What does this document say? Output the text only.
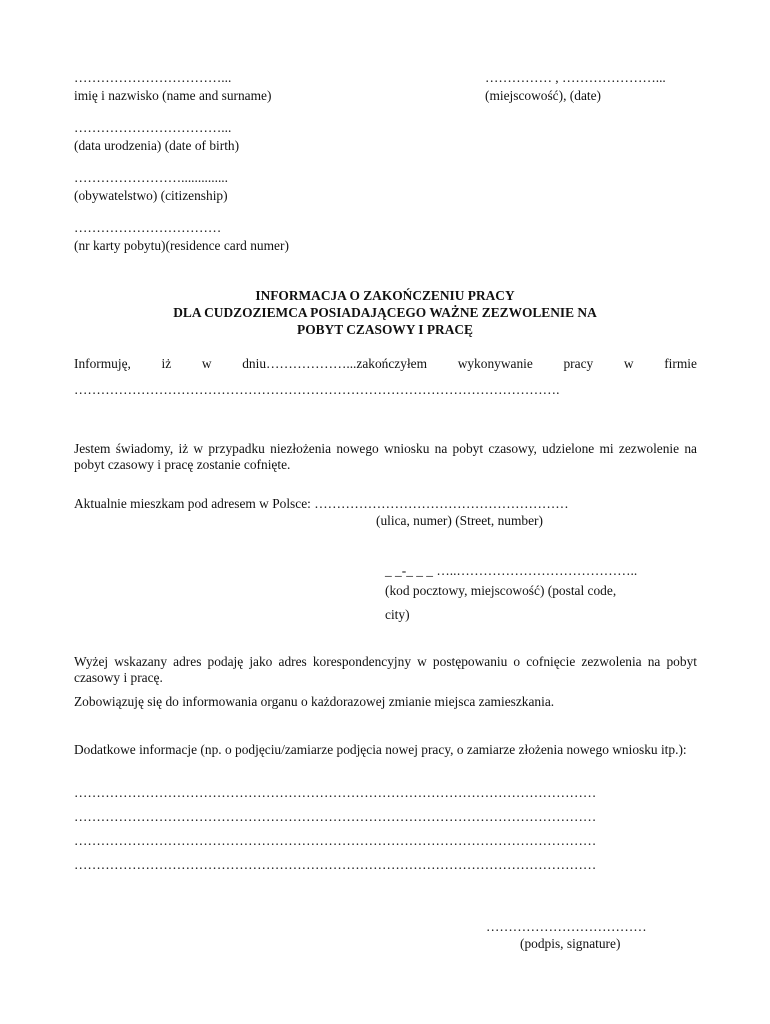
……………………………...
imię i nazwisko (name and surname)
…………… , …………………...
(miejscowość), (date)
……………………………...
(data urodzenia) (date of birth)
……………………..............
(obywatelstwo) (citizenship)
……………………………
(nr karty pobytu)(residence card numer)
INFORMACJA O ZAKOŃCZENIU PRACY
DLA CUDZOZIEMCA POSIADAJĄCEGO WAŻNE ZEZWOLENIE NA
POBYT CZASOWY I PRACĘ
Informuję, iż w dniu………………...zakończyłem wykonywanie pracy w firmie
……………………………………………………………………………………………….
Jestem świadomy, iż w przypadku niezłożenia nowego wniosku na pobyt czasowy, udzielone mi zezwolenie na pobyt czasowy i pracę zostanie cofnięte.
Aktualnie mieszkam pod adresem w Polsce: …………………………………………………
(ulica, numer) (Street, number)
_ _-_ _ _ …..…………………………………..
(kod pocztowy, miejscowość) (postal code,
city)
Wyżej wskazany adres podaję jako adres korespondencyjny w postępowaniu o cofnięcie zezwolenia na pobyt czasowy i pracę.
Zobowiązuję się do informowania organu o każdorazowej zmianie miejsca zamieszkania.
Dodatkowe informacje (np. o podjęciu/zamiarze podjęcia nowej pracy, o zamiarze złożenia nowego wniosku itp.):
………………………………………………………………………………………………………
………………………………………………………………………………………………………
………………………………………………………………………………………………………
………………………………………………………………………………………………………
………………………………
(podpis, signature)
